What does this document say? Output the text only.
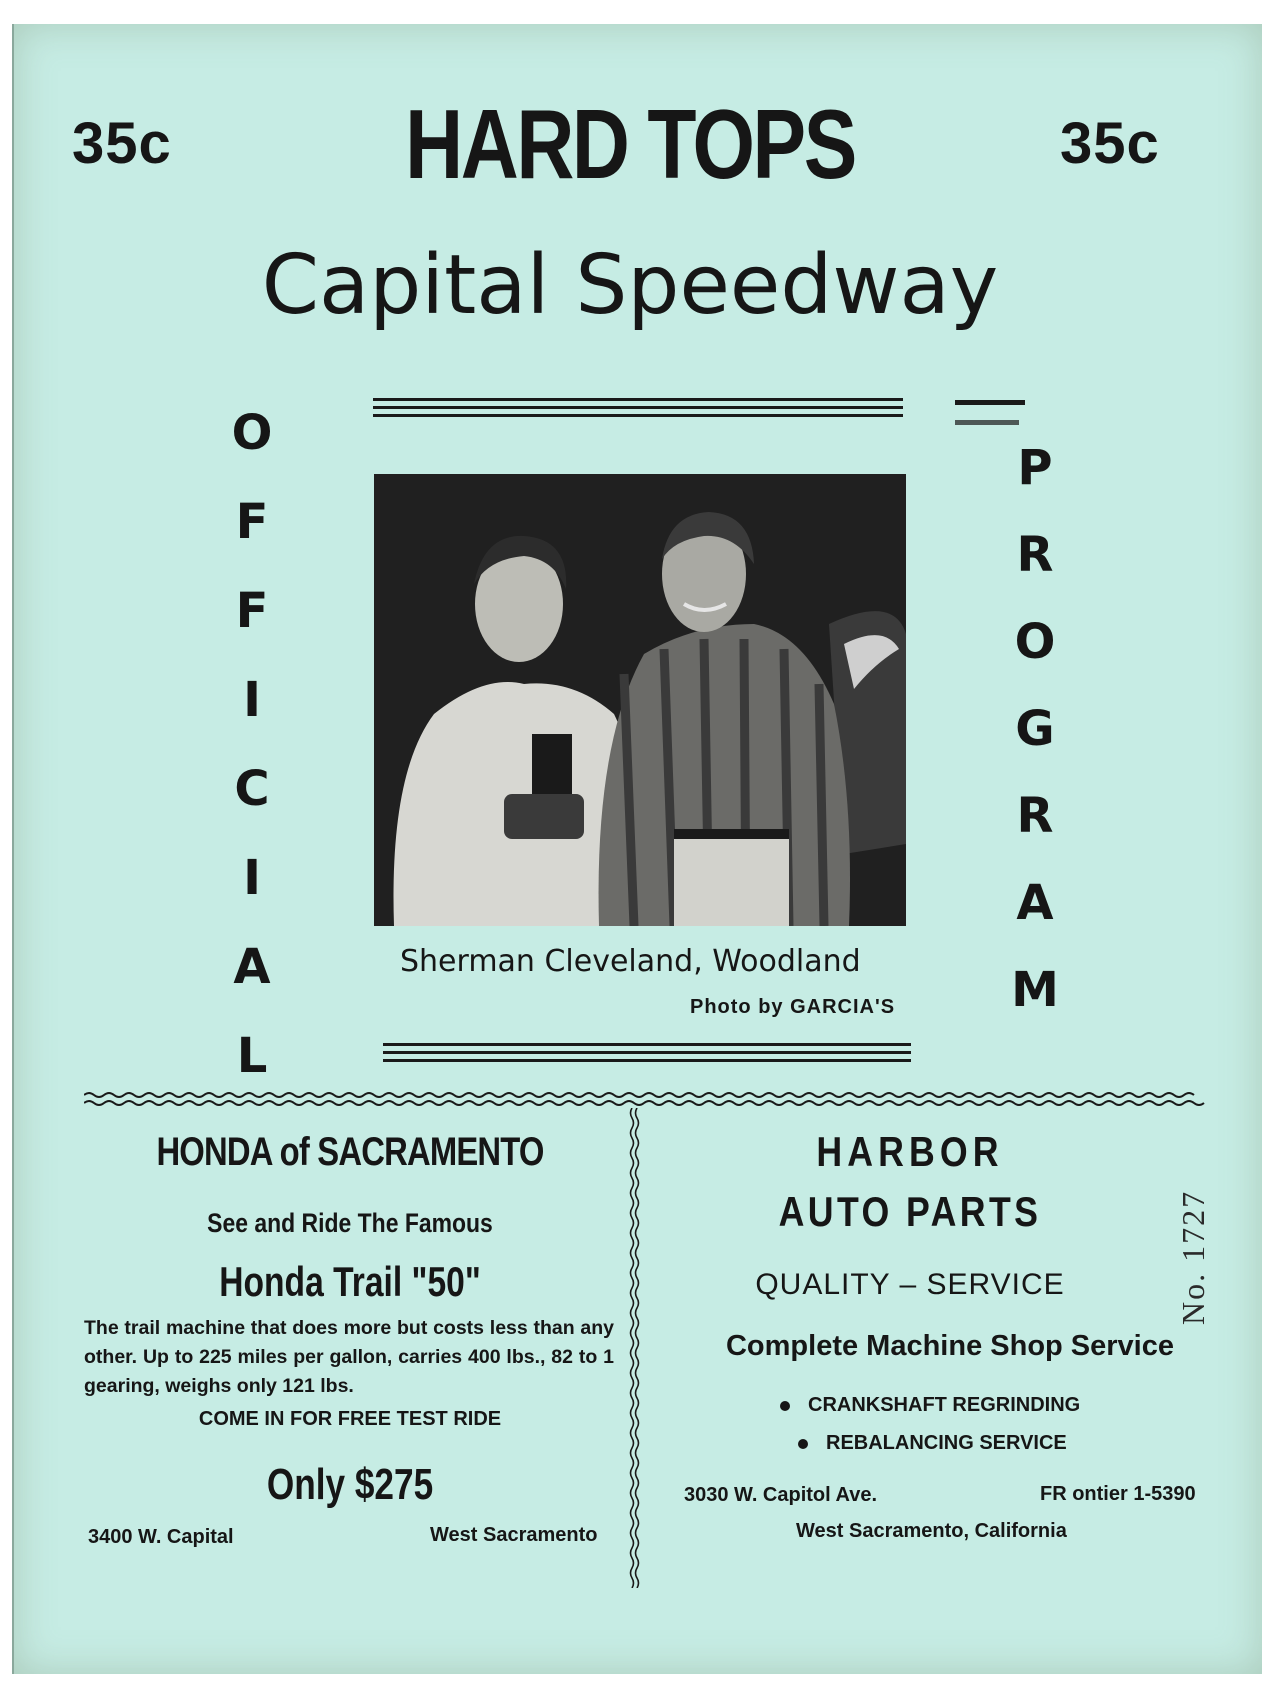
35c	HARD TOPS	35c
Capital Speedway
O
F
F
I
C
I
A
L
P
R
O
G
R
A
M
Sherman Cleveland, Woodland
Photo by GARCIA'S
HONDA of SACRAMENTO
See and Ride The Famous
Honda Trail "50"
The trail machine that does more but costs less than any other. Up to 225 miles per gallon, carries 400 lbs., 82 to 1 gearing, weighs only 121 lbs.
COME IN FOR FREE TEST RIDE
Only $275
3400 W. Capital	West Sacramento
HARBOR
AUTO PARTS
QUALITY – SERVICE
Complete Machine Shop Service
CRANKSHAFT REGRINDING
REBALANCING SERVICE
3030 W. Capitol Ave.	FR ontier 1-5390
West Sacramento, California
No. 1727
